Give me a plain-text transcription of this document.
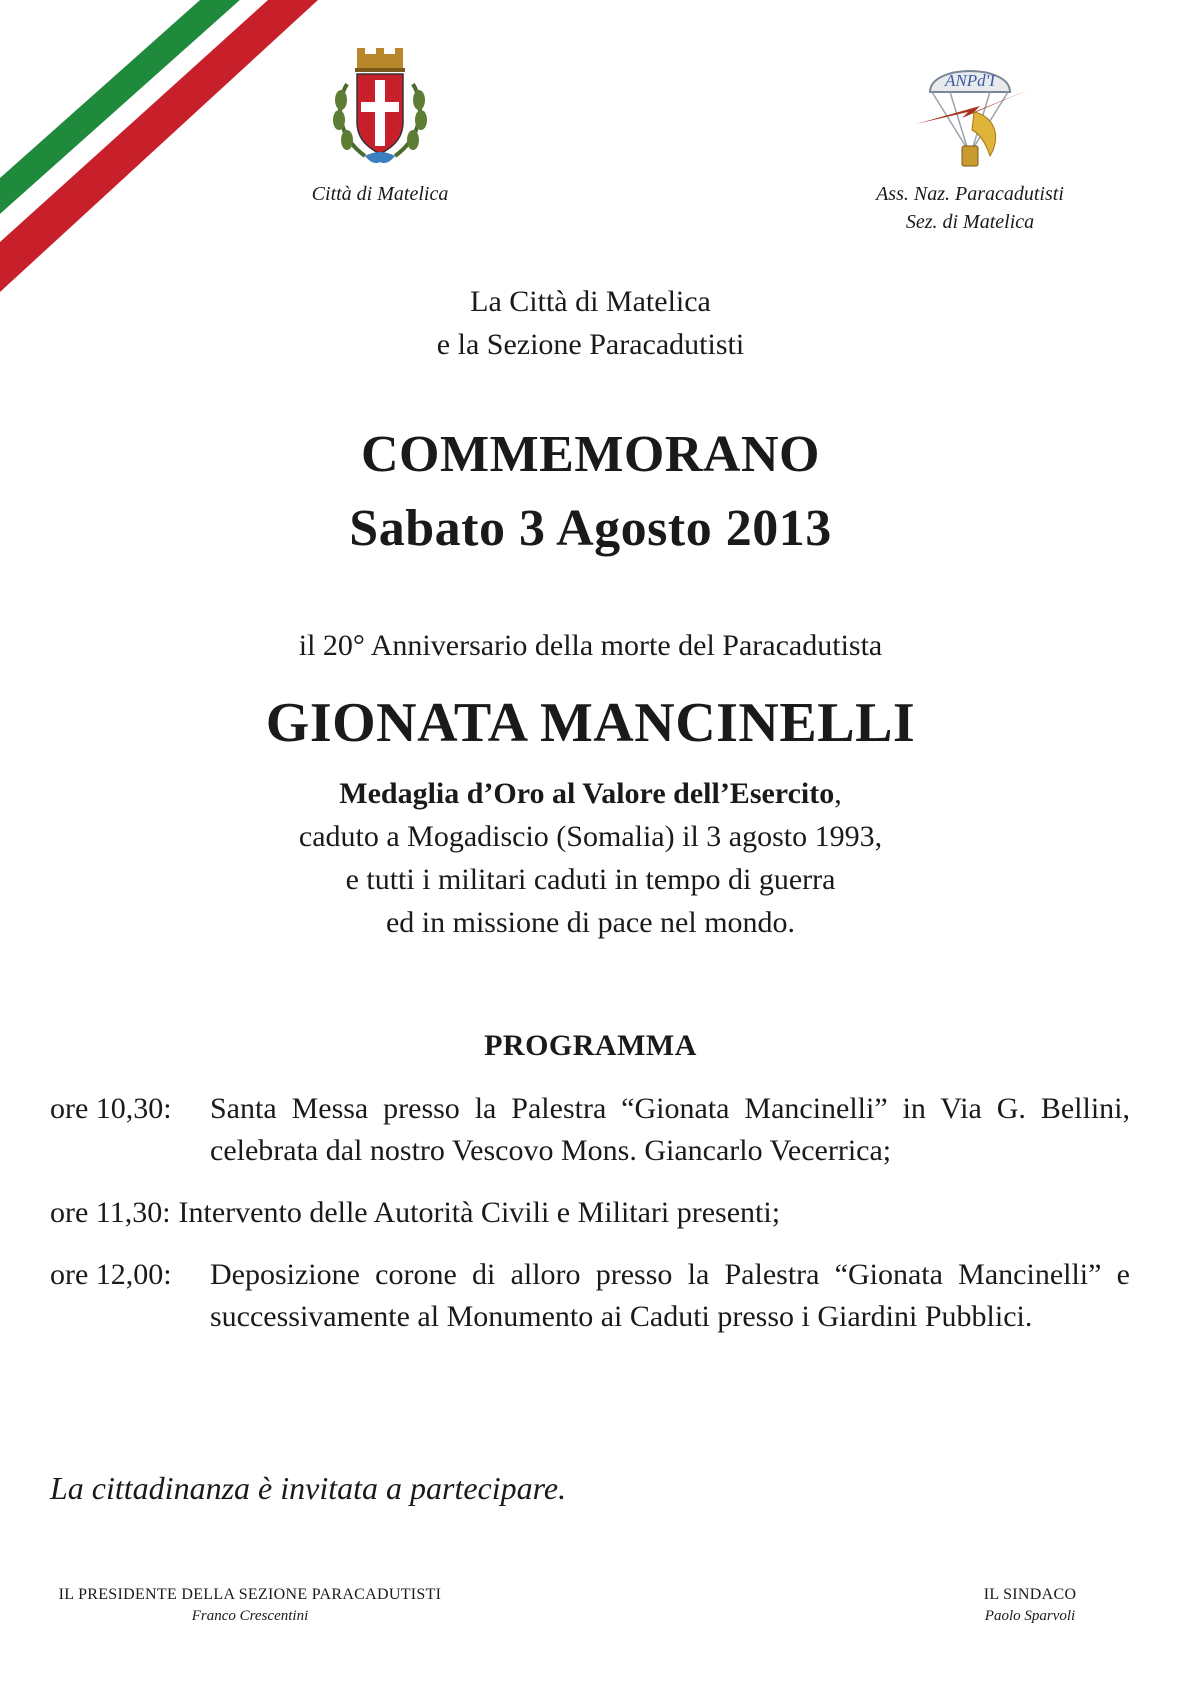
Città di Matelica
ANPd'I
Ass. Naz. Paracadutisti
Sez. di Matelica
La Città di Matelica
e la Sezione Paracadutisti
COMMEMORANO
Sabato 3 Agosto 2013
il 20° Anniversario della morte del Paracadutista
GIONATA MANCINELLI
Medaglia d’Oro al Valore dell’Esercito,
caduto a Mogadiscio (Somalia) il 3 agosto 1993,
e tutti i militari caduti in tempo di guerra
ed in missione di pace nel mondo.
PROGRAMMA
ore 10,30:	Santa Messa presso la Palestra “Gionata Mancinelli” in Via G. Bellini, celebrata dal nostro Vescovo Mons. Giancarlo Vecerrica;
ore 11,30: Intervento delle Autorità Civili e Militari presenti;
ore 12,00:	Deposizione corone di alloro presso la Palestra “Gionata Mancinelli” e successivamente al Monumento ai Caduti presso i Giardini Pubblici.
La cittadinanza è invitata a partecipare.
IL PRESIDENTE DELLA SEZIONE PARACADUTISTI
Franco Crescentini
IL SINDACO
Paolo Sparvoli
